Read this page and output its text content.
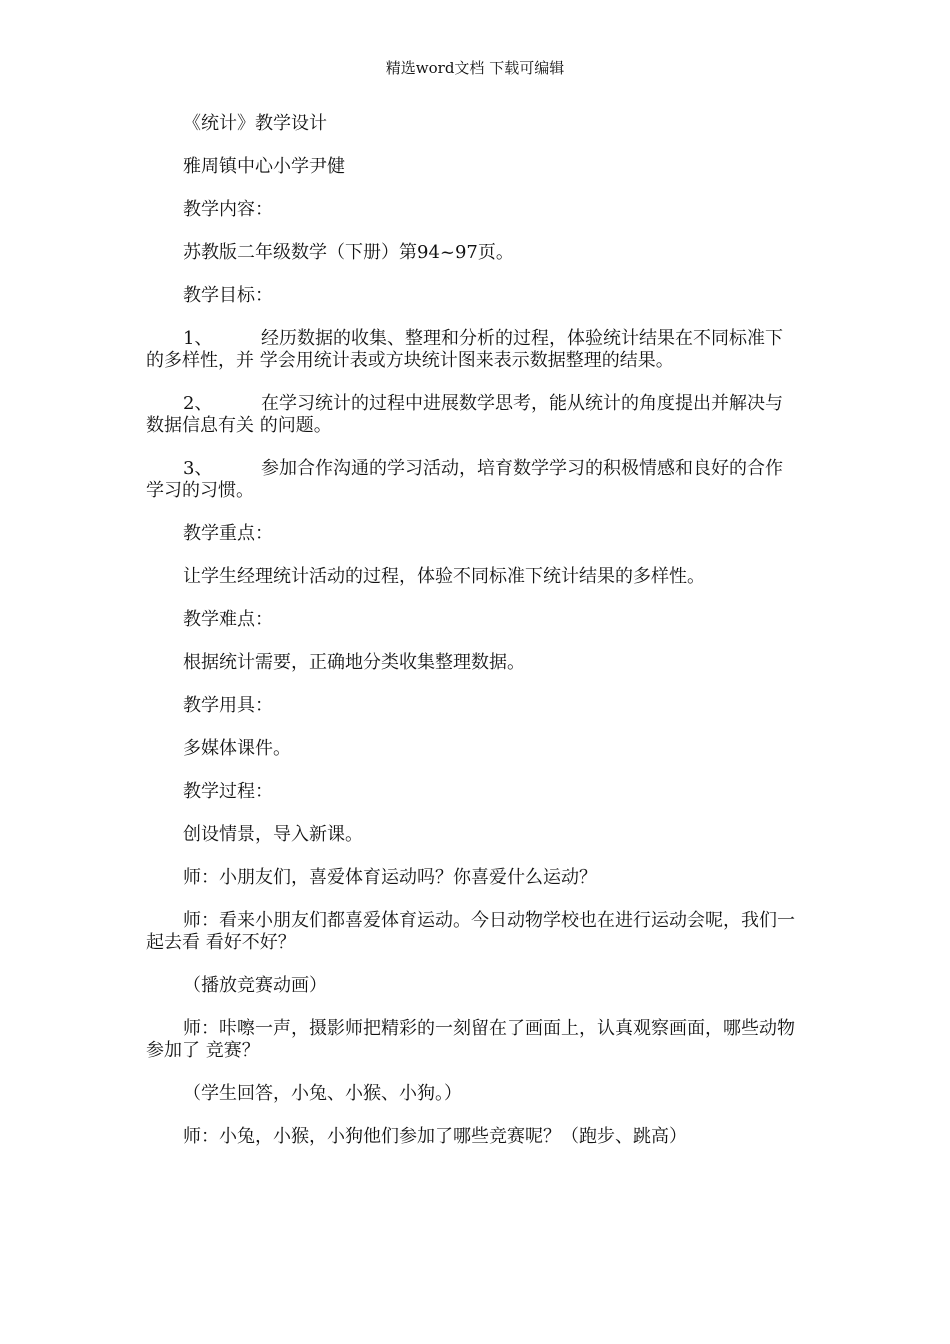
精选word文档 下载可编辑

《统计》教学设计

雅周镇中心小学尹健

教学内容：

苏教版二年级数学（下册）第94~97页。

教学目标：

1、	经历数据的收集、整理和分析的过程，体验统计结果在不同标准下的多样性，并 学会用统计表或方块统计图来表示数据整理的结果。

2、	在学习统计的过程中进展数学思考，能从统计的角度提出并解决与数据信息有关 的问题。

3、	参加合作沟通的学习活动，培育数学学习的积极情感和良好的合作学习的习惯。

教学重点：

让学生经理统计活动的过程，体验不同标准下统计结果的多样性。

教学难点：

根据统计需要，正确地分类收集整理数据。

教学用具：

多媒体课件。

教学过程：

创设情景，导入新课。

师：小朋友们，喜爱体育运动吗？你喜爱什么运动？

师：看来小朋友们都喜爱体育运动。今日动物学校也在进行运动会呢，我们一起去看 看好不好？

（播放竞赛动画）

师：咔嚓一声，摄影师把精彩的一刻留在了画面上，认真观察画面，哪些动物参加了 竞赛？

（学生回答，小兔、小猴、小狗。）

师：小兔，小猴，小狗他们参加了哪些竞赛呢？（跑步、跳高）
